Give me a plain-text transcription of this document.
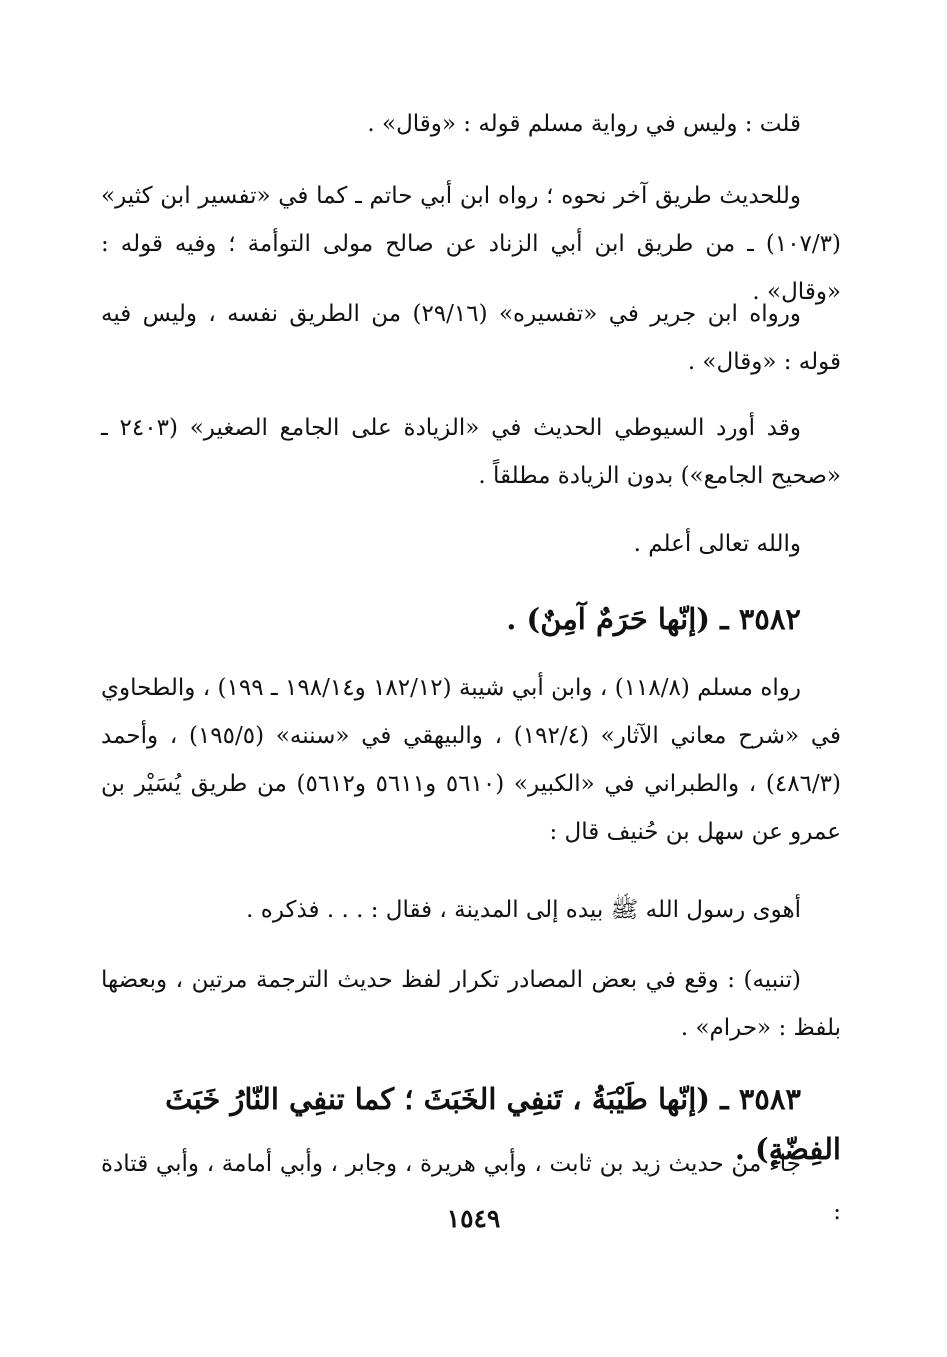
قلت : وليس في رواية مسلم قوله : «وقال» .
وللحديث طريق آخر نحوه ؛ رواه ابن أبي حاتم ـ كما في «تفسير ابن كثير» (١٠٧/٣) ـ من طريق ابن أبي الزناد عن صالح مولى التوأمة ؛ وفيه قوله : «وقال» .
ورواه ابن جرير في «تفسيره» (٢٩/١٦) من الطريق نفسه ، وليس فيه قوله : «وقال» .
وقد أورد السيوطي الحديث في «الزيادة على الجامع الصغير» (٢٤٠٣ ـ «صحيح الجامع») بدون الزيادة مطلقاً .
والله تعالى أعلم .
٣٥٨٢ ـ (إنّها حَرَمٌ آمِنٌ) .
رواه مسلم (١١٨/٨) ، وابن أبي شيبة (١٨٢/١٢ و١٩٨/١٤ ـ ١٩٩) ، والطحاوي في «شرح معاني الآثار» (١٩٢/٤) ، والبيهقي في «سننه» (١٩٥/٥) ، وأحمد (٤٨٦/٣) ، والطبراني في «الكبير» (٥٦١٠ و٥٦١١ و٥٦١٢) من طريق يُسَيْر بن عمرو عن سهل بن حُنيف قال :
أهوى رسول الله ﷺ بيده إلى المدينة ، فقال : . . . فذكره .
(تنبيه) : وقع في بعض المصادر تكرار لفظ حديث الترجمة مرتين ، وبعضها بلفظ : «حرام» .
٣٥٨٣ ـ (إنّها طَيْبَةُ ، تَنفِي الخَبَثَ ؛ كما تنفِي النّارُ خَبَثَ الفِضّةِ) .
جاء من حديث زيد بن ثابت ، وأبي هريرة ، وجابر ، وأبي أمامة ، وأبي قتادة :
١٥٤٩
